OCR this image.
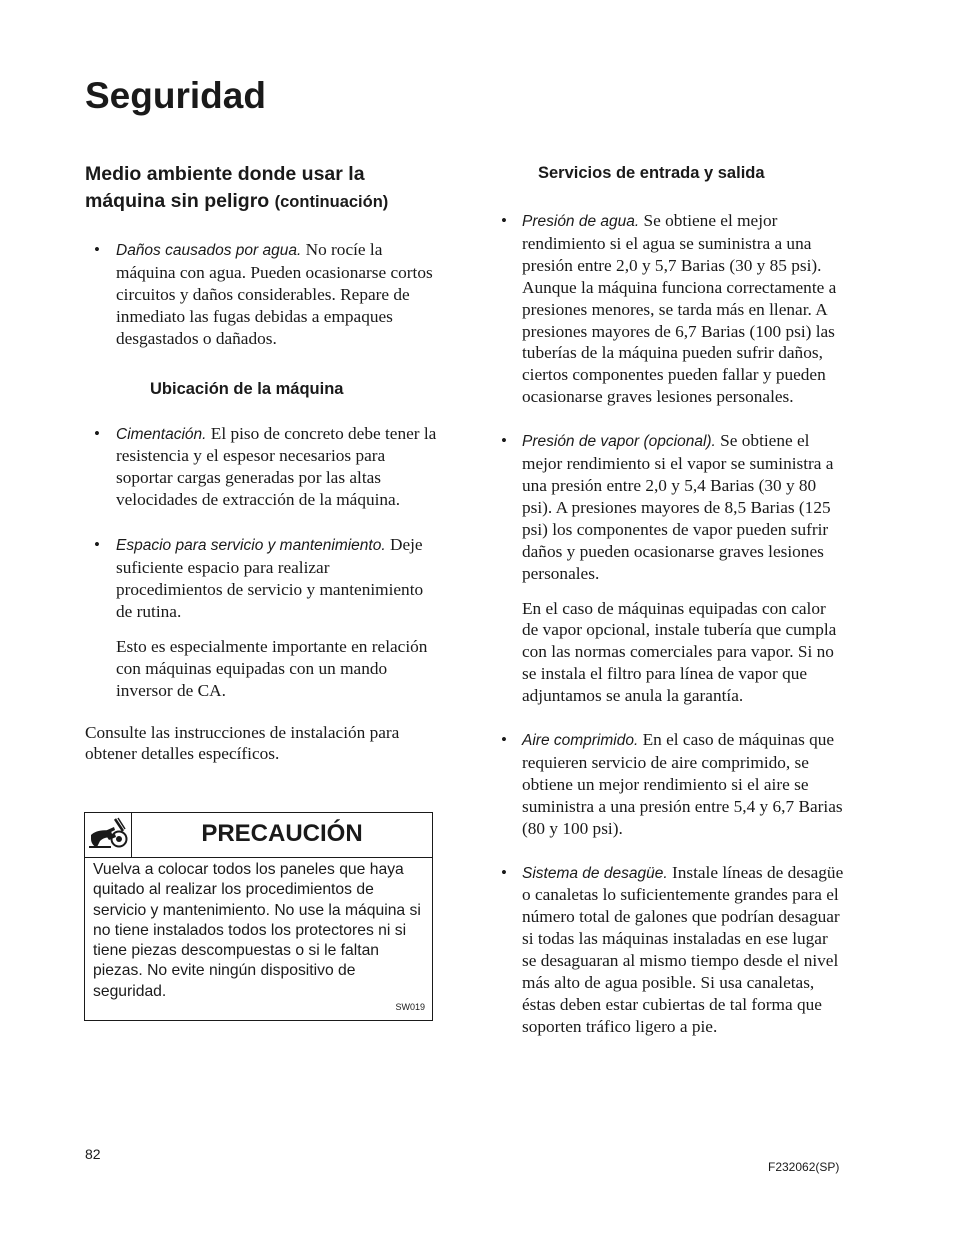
Seguridad
Medio ambiente donde usar la máquina sin peligro (continuación)
• Daños causados por agua. No rocíe la máquina con agua. Pueden ocasionarse cortos circuitos y daños considerables. Repare de inmediato las fugas debidas a empaques desgastados o dañados.
Ubicación de la máquina
• Cimentación. El piso de concreto debe tener la resistencia y el espesor necesarios para soportar cargas generadas por las altas velocidades de extracción de la máquina.
• Espacio para servicio y mantenimiento. Deje suficiente espacio para realizar procedimientos de servicio y mantenimiento de rutina.
Esto es especialmente importante en relación con máquinas equipadas con un mando inversor de CA.
Consulte las instrucciones de instalación para obtener detalles específicos.
PRECAUCIÓN
Vuelva a colocar todos los paneles que haya quitado al realizar los procedimientos de servicio y mantenimiento. No use la máquina si no tiene instalados todos los protectores ni si tiene piezas descompuestas o si le faltan piezas. No evite ningún dispositivo de seguridad.
SW019
Servicios de entrada y salida
• Presión de agua. Se obtiene el mejor rendimiento si el agua se suministra a una presión entre 2,0 y 5,7 Barias (30 y 85 psi). Aunque la máquina funciona correctamente a presiones menores, se tarda más en llenar. A presiones mayores de 6,7 Barias (100 psi) las tuberías de la máquina pueden sufrir daños, ciertos componentes pueden fallar y pueden ocasionarse graves lesiones personales.
• Presión de vapor (opcional). Se obtiene el mejor rendimiento si el vapor se suministra a una presión entre 2,0 y 5,4 Barias (30 y 80 psi). A presiones mayores de 8,5 Barias (125 psi) los componentes de vapor pueden sufrir daños y pueden ocasionarse graves lesiones personales.
En el caso de máquinas equipadas con calor de vapor opcional, instale tubería que cumpla con las normas comerciales para vapor. Si no se instala el filtro para línea de vapor que adjuntamos se anula la garantía.
• Aire comprimido. En el caso de máquinas que requieren servicio de aire comprimido, se obtiene un mejor rendimiento si el aire se suministra a una presión entre 5,4 y 6,7 Barias (80 y 100 psi).
• Sistema de desagüe. Instale líneas de desagüe o canaletas lo suficientemente grandes para el número total de galones que podrían desaguar si todas las máquinas instaladas en ese lugar se desaguaran al mismo tiempo desde el nivel más alto de agua posible. Si usa canaletas, éstas deben estar cubiertas de tal forma que soporten tráfico ligero a pie.
82
F232062(SP)
